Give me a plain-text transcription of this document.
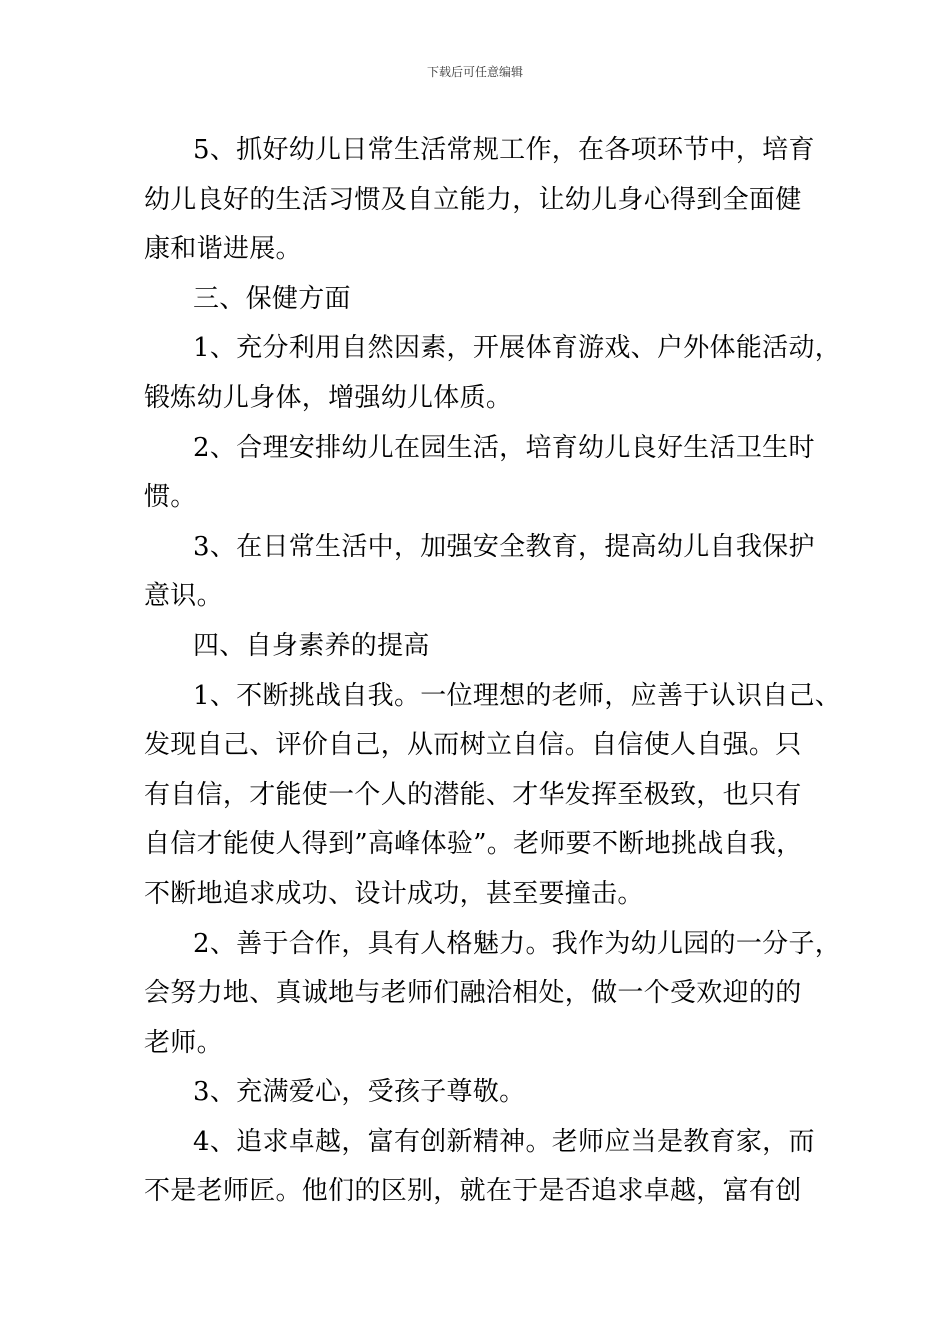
下载后可任意编辑

5、抓好幼儿日常生活常规工作，在各项环节中，培育
幼儿良好的生活习惯及自立能力，让幼儿身心得到全面健
康和谐进展。

三、保健方面

1、充分利用自然因素，开展体育游戏、户外体能活动，
锻炼幼儿身体，增强幼儿体质。

2、合理安排幼儿在园生活，培育幼儿良好生活卫生时
惯。

3、在日常生活中，加强安全教育，提高幼儿自我保护
意识。

四、自身素养的提高

1、不断挑战自我。一位理想的老师，应善于认识自己、
发现自己、评价自己，从而树立自信。自信使人自强。只
有自信，才能使一个人的潜能、才华发挥至极致，也只有
自信才能使人得到”高峰体验”。老师要不断地挑战自我，
不断地追求成功、设计成功，甚至要撞击。

2、善于合作，具有人格魅力。我作为幼儿园的一分子，
会努力地、真诚地与老师们融洽相处，做一个受欢迎的的
老师。

3、充满爱心，受孩子尊敬。

4、追求卓越，富有创新精神。老师应当是教育家，而
不是老师匠。他们的区别，就在于是否追求卓越，富有创
